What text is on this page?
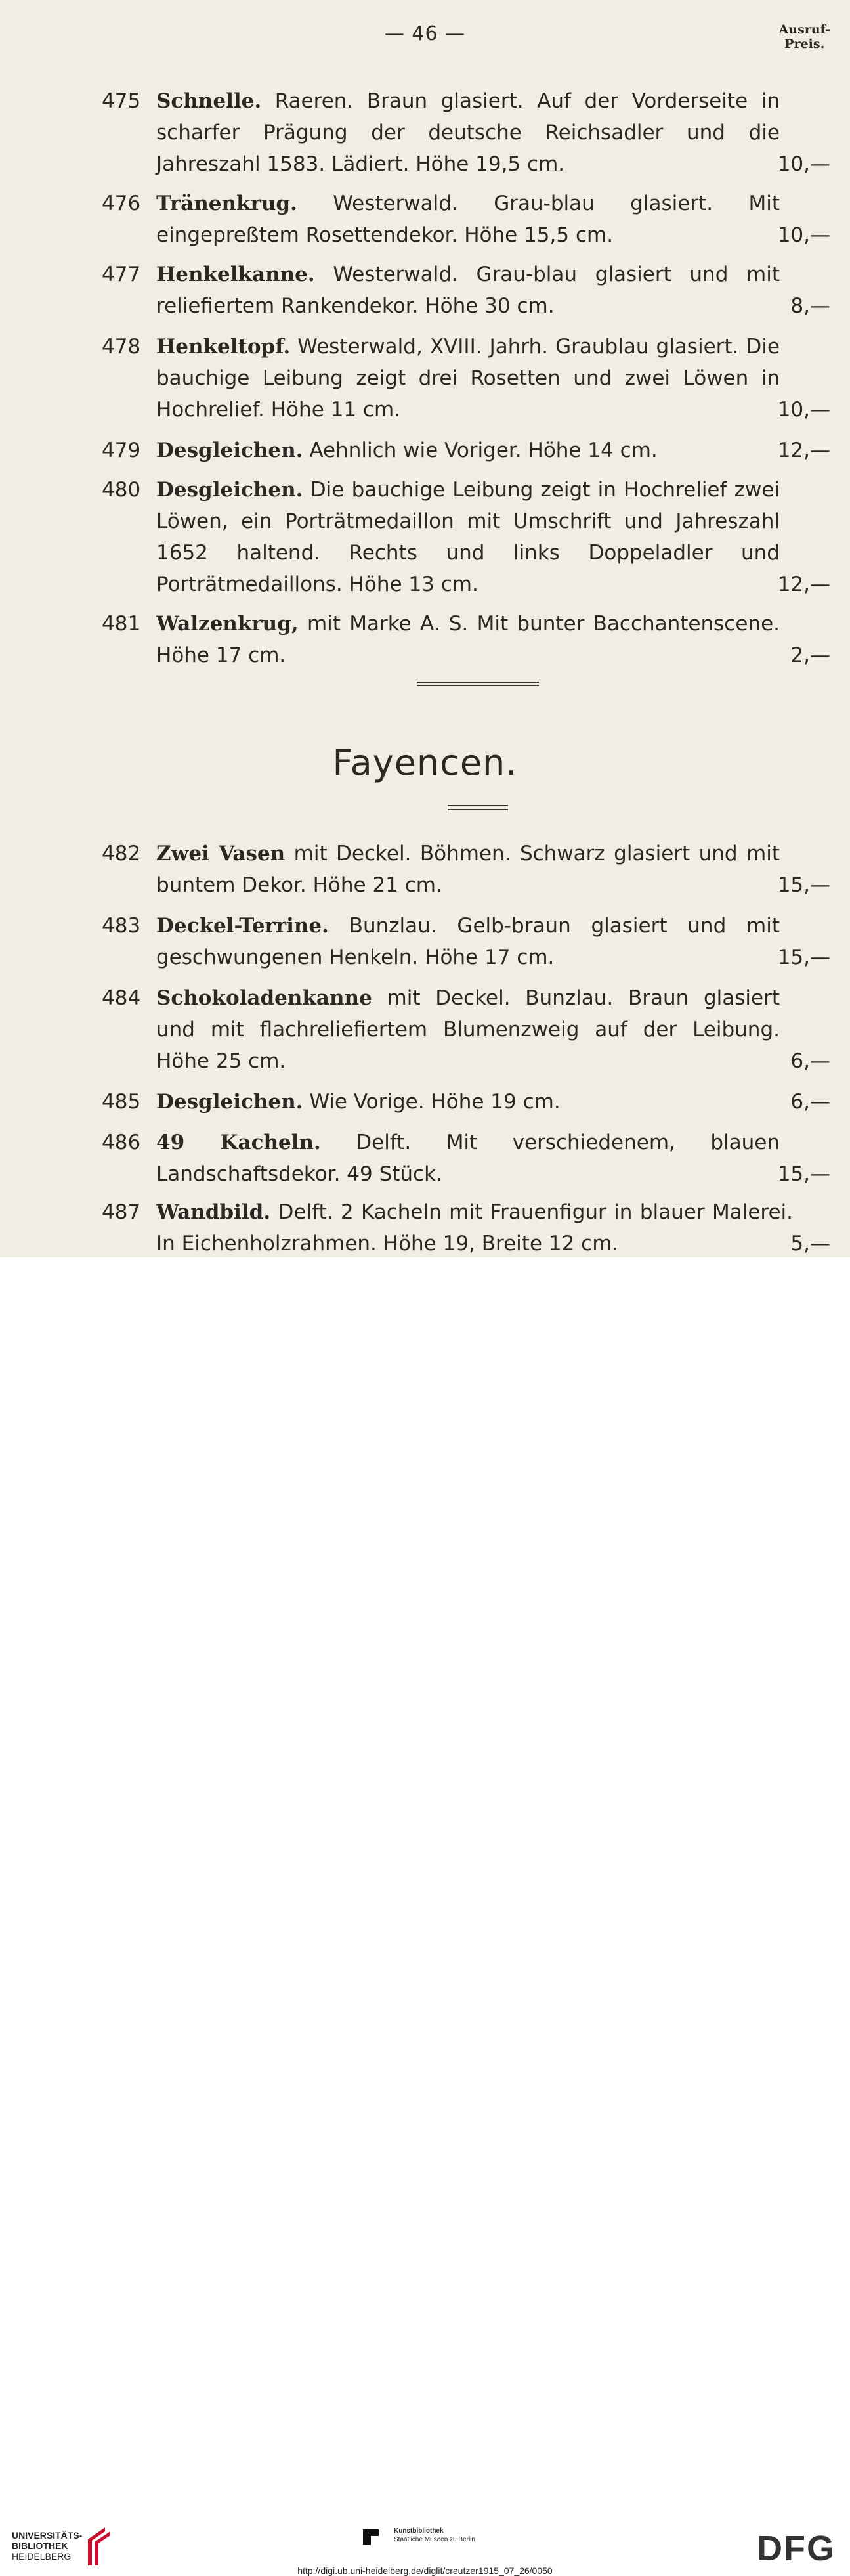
— 46 —	Ausruf-
Preis.
475 Schnelle. Raeren. Braun glasiert. Auf der Vorderseite in scharfer Prägung der deutsche Reichsadler und die Jahreszahl 1583. Lädiert. Höhe 19,5 cm.	10,—
476 Tränenkrug. Westerwald. Grau-blau glasiert. Mit eingepreßtem Rosettendekor. Höhe 15,5 cm.	10,—
477 Henkelkanne. Westerwald. Grau-blau glasiert und mit reliefiertem Rankendekor. Höhe 30 cm.	8,—
478 Henkeltopf. Westerwald, XVIII. Jahrh. Graublau glasiert. Die bauchige Leibung zeigt drei Rosetten und zwei Löwen in Hochrelief. Höhe 11 cm.	10,—
479 Desgleichen. Aehnlich wie Voriger. Höhe 14 cm.	12,—
480 Desgleichen. Die bauchige Leibung zeigt in Hochrelief zwei Löwen, ein Porträtmedaillon mit Umschrift und Jahreszahl 1652 haltend. Rechts und links Doppeladler und Porträtmedaillons. Höhe 13 cm.	12,—
481 Walzenkrug, mit Marke A. S. Mit bunter Bacchantenscene. Höhe 17 cm.	2,—
Fayencen.
482 Zwei Vasen mit Deckel. Böhmen. Schwarz glasiert und mit buntem Dekor. Höhe 21 cm.	15,—
483 Deckel-Terrine. Bunzlau. Gelb-braun glasiert und mit geschwungenen Henkeln. Höhe 17 cm.	15,—
484 Schokoladenkanne mit Deckel. Bunzlau. Braun glasiert und mit flachreliefiertem Blumenzweig auf der Leibung. Höhe 25 cm.	6,—
485 Desgleichen. Wie Vorige. Höhe 19 cm.	6,—
486 49 Kacheln. Delft. Mit verschiedenem, blauen Landschaftsdekor. 49 Stück.	15,—
487 Wandbild. Delft. 2 Kacheln mit Frauenfigur in blauer Malerei. In Eichenholzrahmen. Höhe 19, Breite 12 cm.	5,—
UNIVERSITÄTS-
BIBLIOTHEK
HEIDELBERG
Kunstbibliothek
Staatliche Museen zu Berlin	DFG
http://digi.ub.uni-heidelberg.de/diglit/creutzer1915_07_26/0050
